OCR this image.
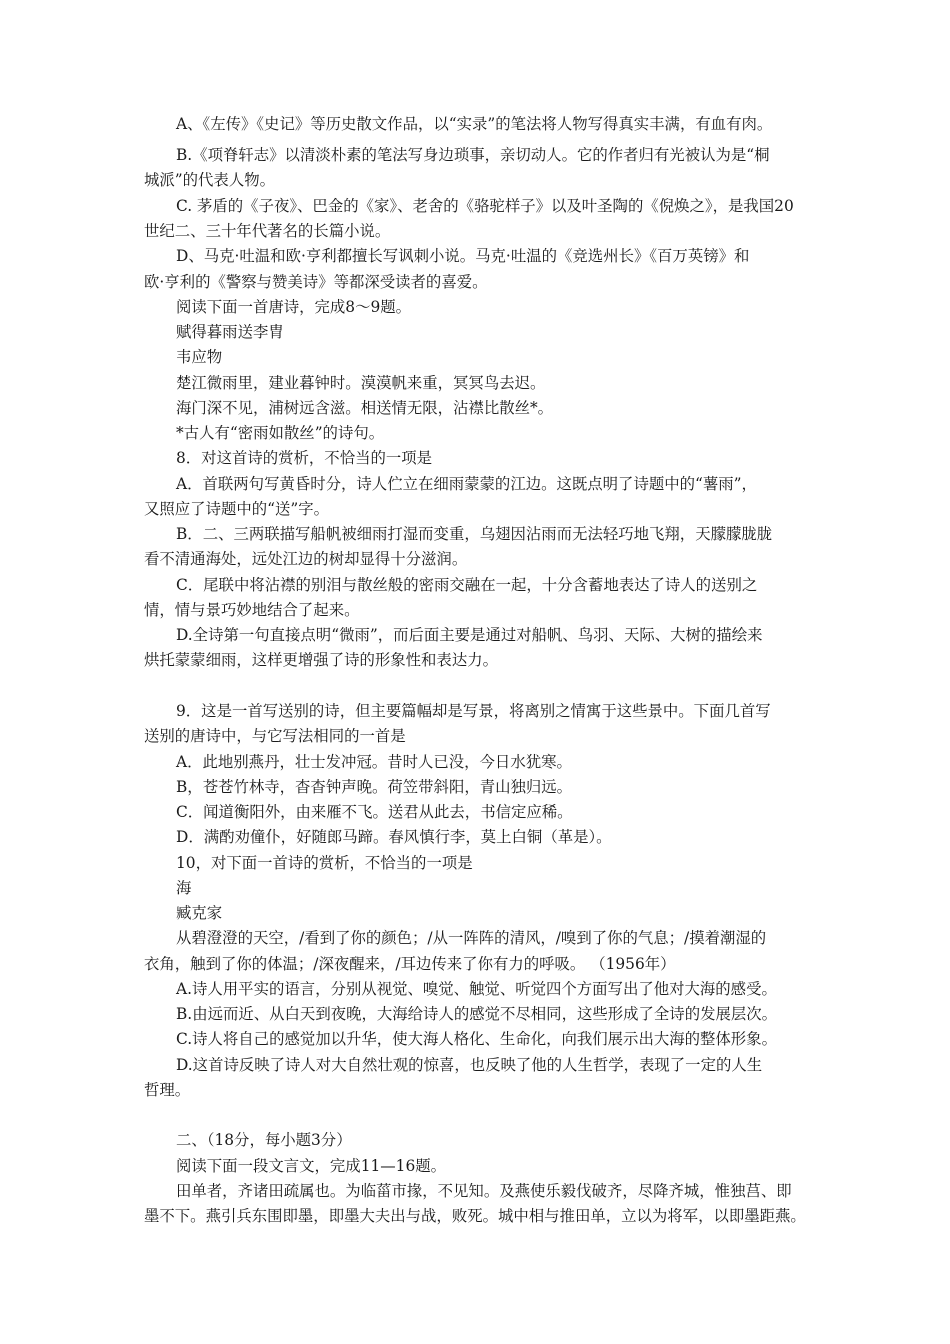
A、《左传》《史记》等历史散文作品，以“实录”的笔法将人物写得真实丰满，有血有肉。
B.《项脊轩志》以清淡朴素的笔法写身边琐事，亲切动人。它的作者归有光被认为是“桐
城派”的代表人物。
C. 茅盾的《子夜》、巴金的《家》、老舍的《骆驼样子》以及叶圣陶的《倪焕之》，是我国20
世纪二、三十年代著名的长篇小说。
D、马克·吐温和欧·亨利都擅长写讽刺小说。马克·吐温的《竞选州长》《百万英镑》和
欧·亨利的《警察与赞美诗》等都深受读者的喜爱。
阅读下面一首唐诗，完成8～9题。
赋得暮雨送李胄
韦应物
楚江微雨里，建业暮钟时。漠漠帆来重，冥冥鸟去迟。
海门深不见，浦树远含滋。相送情无限，沾襟比散丝*。
*古人有“密雨如散丝”的诗句。
8．对这首诗的赏析，不恰当的一项是
A．首联两句写黄昏时分，诗人伫立在细雨蒙蒙的江边。这既点明了诗题中的“薯雨”，
又照应了诗题中的“送”字。
B．二、三两联描写船帆被细雨打湿而变重，乌翅因沾雨而无法轻巧地飞翔，天朦朦胧胧
看不清通海处，远处江边的树却显得十分滋润。
C．尾联中将沾襟的别泪与散丝般的密雨交融在一起，十分含蓄地表达了诗人的送别之
情，情与景巧妙地结合了起来。
D.全诗第一句直接点明“微雨”，而后面主要是通过对船帆、鸟羽、天际、大树的描绘来
烘托蒙蒙细雨，这样更增强了诗的形象性和表达力。
9．这是一首写送别的诗，但主要篇幅却是写景，将离别之情寓于这些景中。下面几首写
送别的唐诗中，与它写法相同的一首是
A．此地别燕丹，壮士发冲冠。昔时人已没，今日水犹寒。
B，苍苍竹林寺，杳杳钟声晚。荷笠带斜阳，青山独归远。
C．闻道衡阳外，由来雁不飞。送君从此去，书信定应稀。
D．满酌劝僮仆，好随郎马蹄。春风慎行李，莫上白铜（革是）。
10，对下面一首诗的赏析，不恰当的一项是
海
臧克家
从碧澄澄的天空，/看到了你的颜色；/从一阵阵的清风，/嗅到了你的气息；/摸着潮湿的
衣角，触到了你的体温；/深夜醒来，/耳边传来了你有力的呼吸。 （1956年）
A.诗人用平实的语言，分别从视觉、嗅觉、触觉、听觉四个方面写出了他对大海的感受。
B.由远而近、从白天到夜晚，大海给诗人的感觉不尽相同，这些形成了全诗的发展层次。
C.诗人将自己的感觉加以升华，使大海人格化、生命化，向我们展示出大海的整体形象。
D.这首诗反映了诗人对大自然壮观的惊喜，也反映了他的人生哲学，表现了一定的人生
哲理。
二、（18分，每小题3分）
阅读下面一段文言文，完成11—16题。
田单者，齐诸田疏属也。为临菑市掾，不见知。及燕使乐毅伐破齐，尽降齐城，惟独莒、即
墨不下。燕引兵东围即墨，即墨大夫出与战，败死。城中相与推田单，立以为将军，以即墨距燕。
